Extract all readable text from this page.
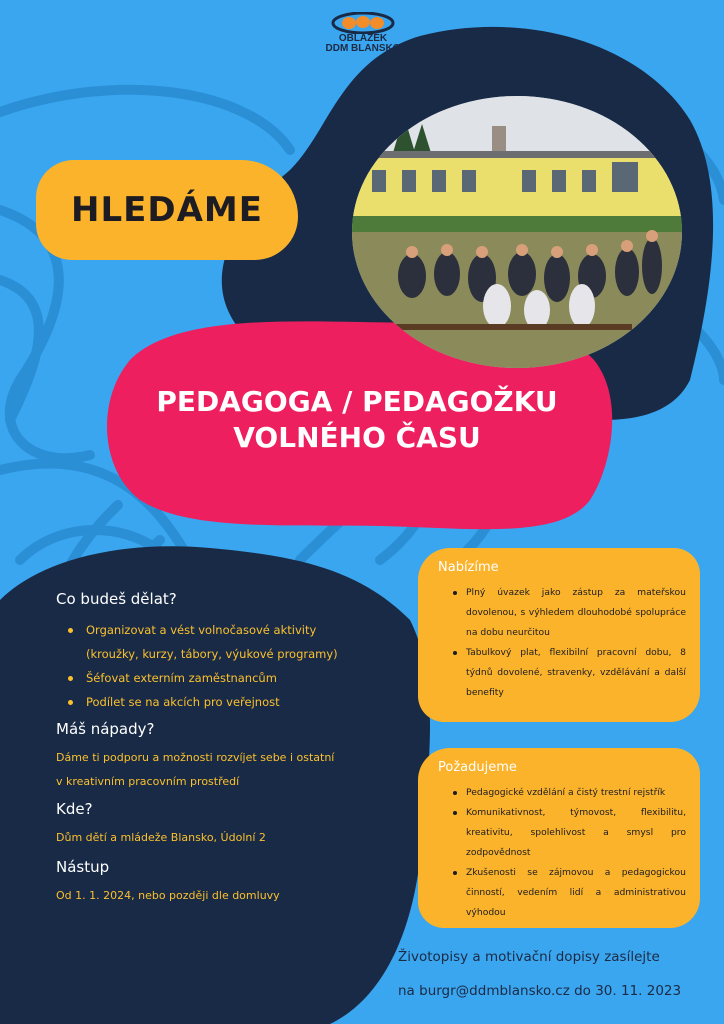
OBLÁZEK
DDM BLANSKO
HLEDÁME
PEDAGOGA / PEDAGOŽKU
VOLNÉHO ČASU

Co budeš dělat?

Organizovat a vést volnočasové aktivity
(kroužky, kurzy, tábory, výukové programy)
Šéfovat externím zaměstnancům
Podílet se na akcích pro veřejnost

Máš nápady?

Dáme ti podporu a možnosti rozvíjet sebe i ostatní

v kreativním pracovním prostředí

Kde?

Dům dětí a mládeže Blansko, Údolní 2

Nástup

Od 1. 1. 2024, nebo později dle domluvy

Nabízíme
Plný úvazek jako zástup za mateřskou dovolenou, s výhledem dlouhodobé spolupráce na dobu neurčitou
Tabulkový plat, flexibilní pracovní dobu, 8 týdnů dovolené, stravenky, vzdělávání a další benefity
Požadujeme
Pedagogické vzdělání a čistý trestní rejstřík
Komunikativnost, týmovost, flexibilitu, kreativitu, spolehlivost a smysl pro zodpovědnost
Zkušenosti se zájmovou a pedagogickou činností, vedením lidí a administrativou výhodou
Životopisy a motivační dopisy zasílejte
na burgr@ddmblansko.cz do 30. 11. 2023
